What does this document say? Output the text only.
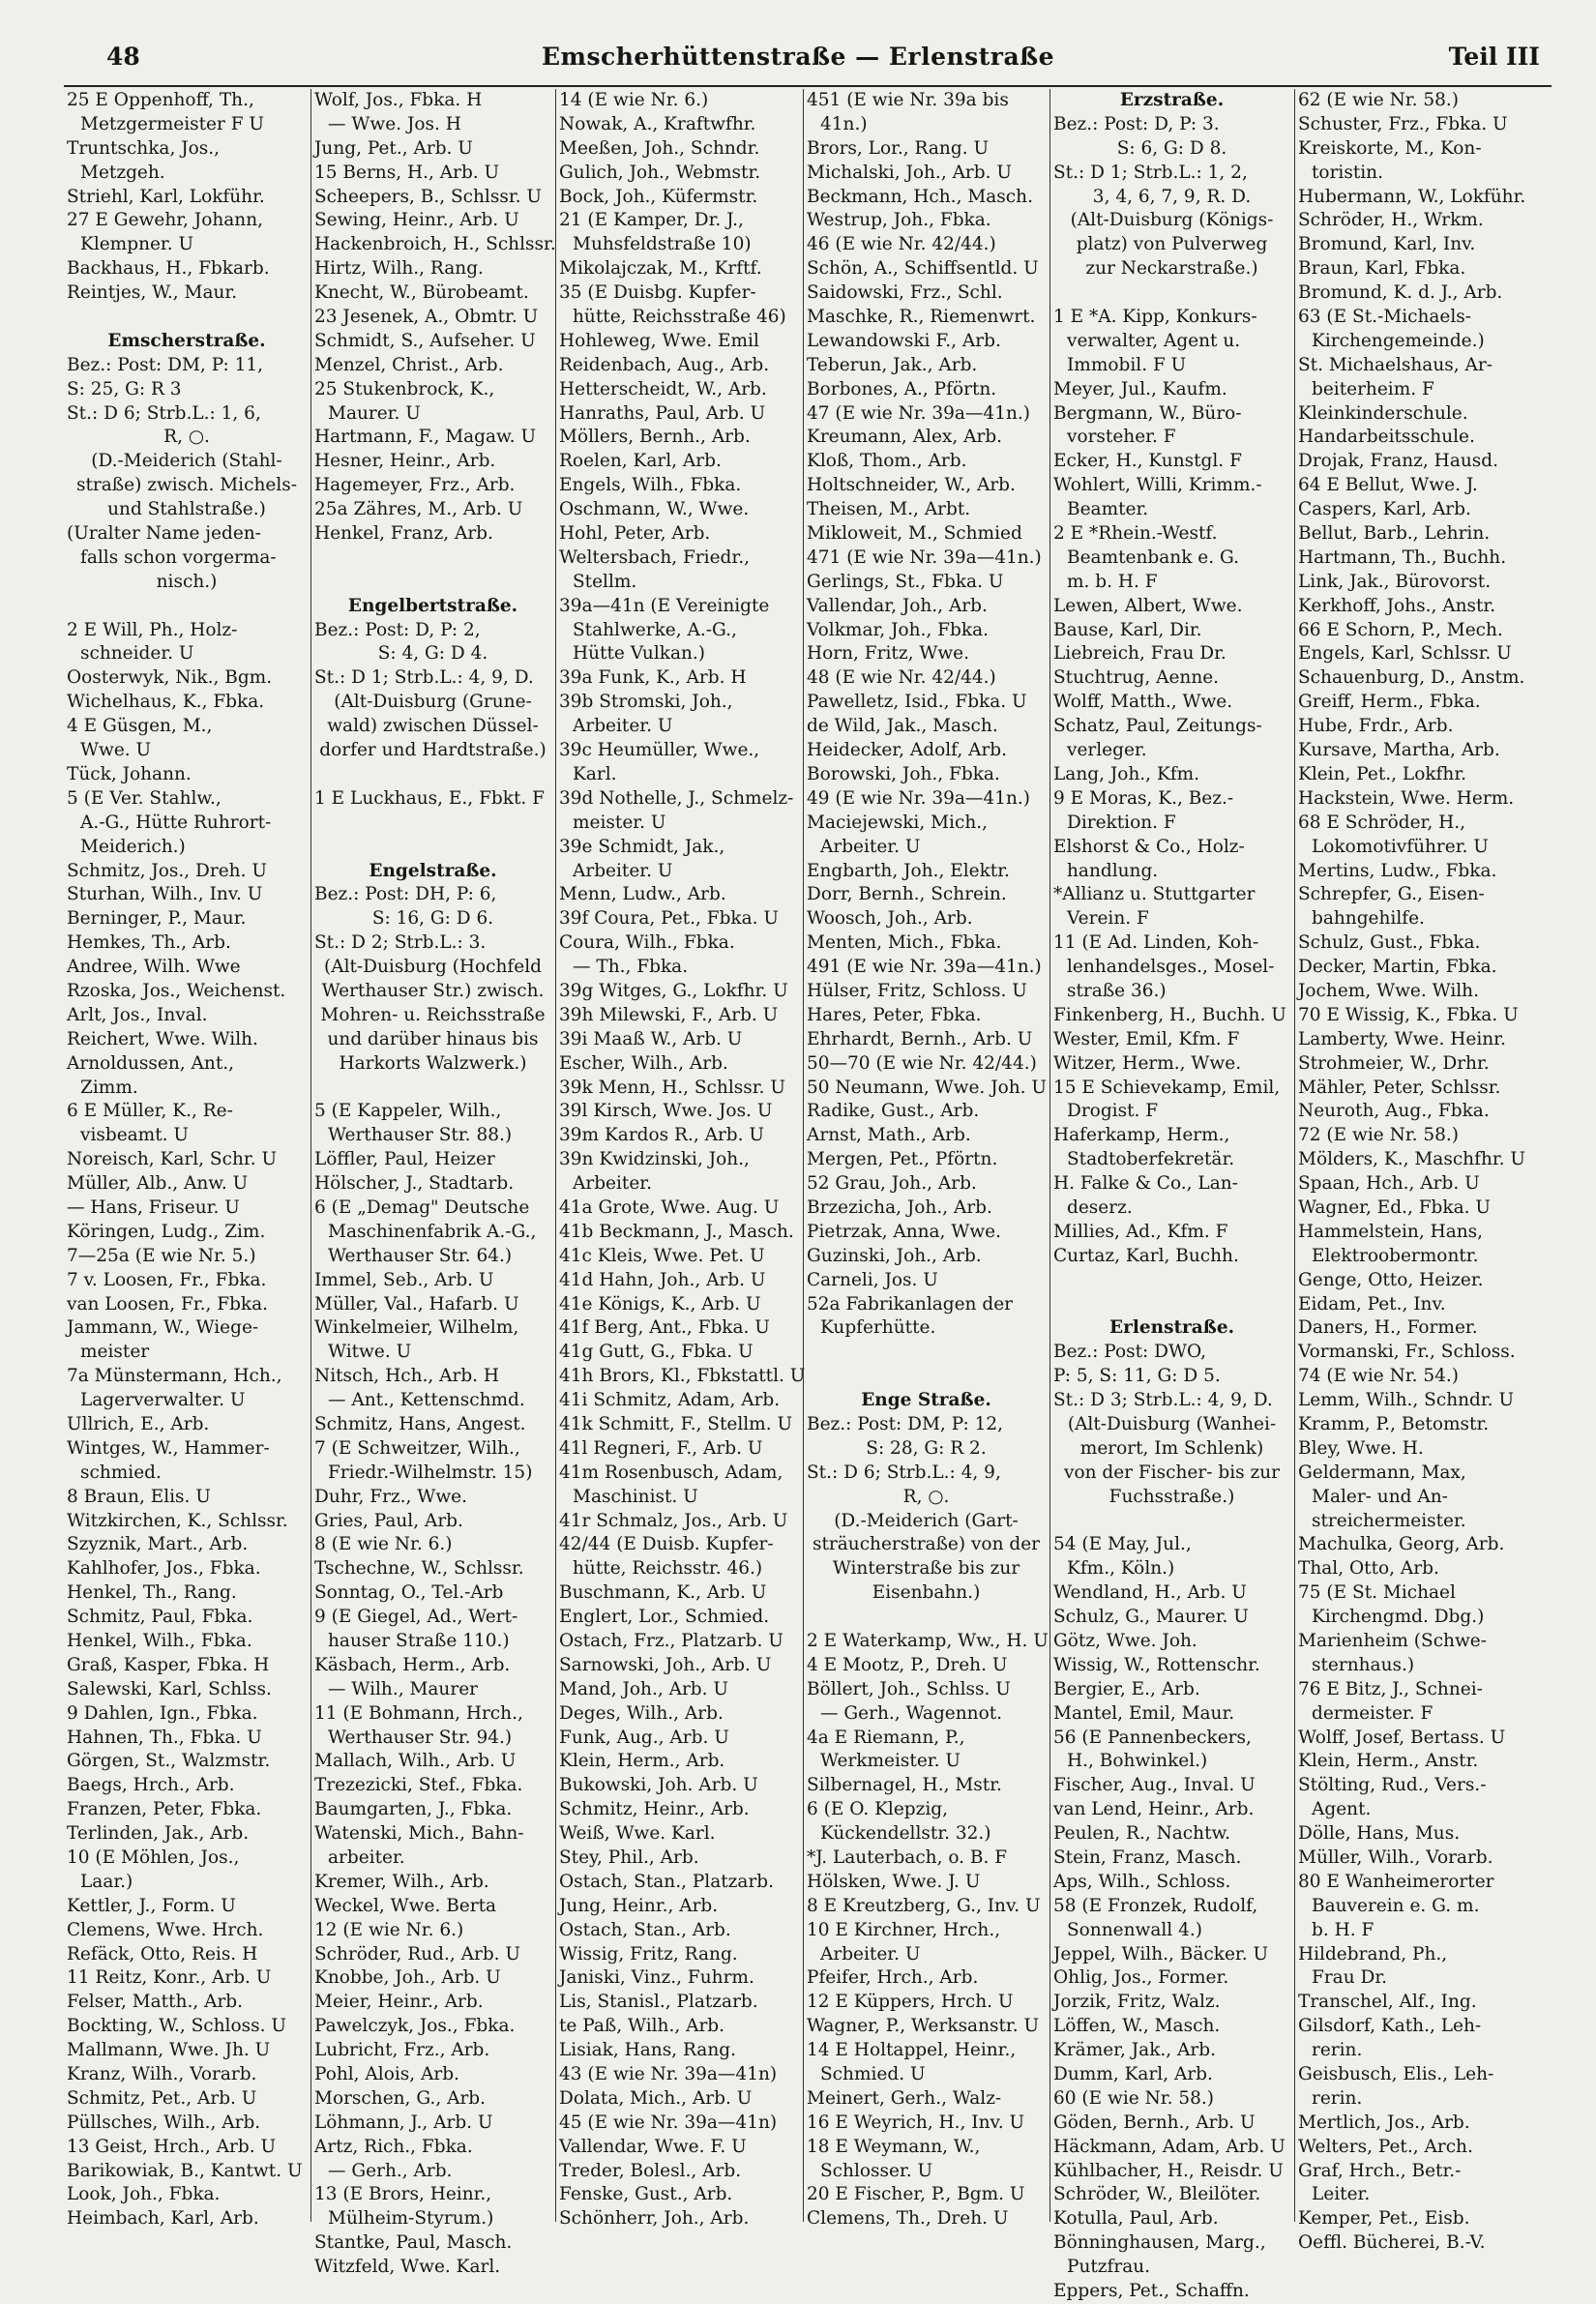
48	Emscherhüttenstraße — Erlenstraße	Teil III
25 E Oppenhoff, Th.,
Metzgermeister F U
Truntschka, Jos.,
Metzgeh.
Striehl, Karl, Lokführ.
27 E Gewehr, Johann,
Klempner. U
Backhaus, H., Fbkarb.
Reintjes, W., Maur.
Emscherstraße.
Bez.: Post: DM, P: 11,
S: 25, G: R 3
St.: D 6; Strb.L.: 1, 6,
R, ○.
(D.-Meiderich (Stahl-
straße) zwisch. Michels-
und Stahlstraße.)
(Uralter Name jeden-
falls schon vorgerma-
nisch.)
2 E Will, Ph., Holz-
schneider. U
Oosterwyk, Nik., Bgm.
Wichelhaus, K., Fbka.
4 E Güsgen, M.,
Wwe. U
Tück, Johann.
5 (E Ver. Stahlw.,
A.-G., Hütte Ruhrort-
Meiderich.)
Schmitz, Jos., Dreh. U
Sturhan, Wilh., Inv. U
Berninger, P., Maur.
Hemkes, Th., Arb.
Andree, Wilh. Wwe
Rzoska, Jos., Weichenst.
Arlt, Jos., Inval.
Reichert, Wwe. Wilh.
Arnoldussen, Ant.,
Zimm.
6 E Müller, K., Re-
visbeamt. U
Noreisch, Karl, Schr. U
Müller, Alb., Anw. U
— Hans, Friseur. U
Köringen, Ludg., Zim.
7—25a (E wie Nr. 5.)
7 v. Loosen, Fr., Fbka.
van Loosen, Fr., Fbka.
Jammann, W., Wiege-
meister
7a Münstermann, Hch.,
Lagerverwalter. U
Ullrich, E., Arb.
Wintges, W., Hammer-
schmied.
8 Braun, Elis. U
Witzkirchen, K., Schlssr.
Szyznik, Mart., Arb.
Kahlhofer, Jos., Fbka.
Henkel, Th., Rang.
Schmitz, Paul, Fbka.
Henkel, Wilh., Fbka.
Graß, Kasper, Fbka. H
Salewski, Karl, Schlss.
9 Dahlen, Ign., Fbka.
Hahnen, Th., Fbka. U
Görgen, St., Walzmstr.
Baegs, Hrch., Arb.
Franzen, Peter, Fbka.
Terlinden, Jak., Arb.
10 (E Möhlen, Jos.,
Laar.)
Kettler, J., Form. U
Clemens, Wwe. Hrch.
Refäck, Otto, Reis. H
11 Reitz, Konr., Arb. U
Felser, Matth., Arb.
Bockting, W., Schloss. U
Mallmann, Wwe. Jh. U
Kranz, Wilh., Vorarb.
Schmitz, Pet., Arb. U
Püllsches, Wilh., Arb.
13 Geist, Hrch., Arb. U
Barikowiak, B., Kantwt. U
Look, Joh., Fbka.
Heimbach, Karl, Arb.
Wolf, Jos., Fbka. H
— Wwe. Jos. H
Jung, Pet., Arb. U
15 Berns, H., Arb. U
Scheepers, B., Schlssr. U
Sewing, Heinr., Arb. U
Hackenbroich, H., Schlssr.
Hirtz, Wilh., Rang.
Knecht, W., Bürobeamt.
23 Jesenek, A., Obmtr. U
Schmidt, S., Aufseher. U
Menzel, Christ., Arb.
25 Stukenbrock, K.,
Maurer. U
Hartmann, F., Magaw. U
Hesner, Heinr., Arb.
Hagemeyer, Frz., Arb.
25a Zähres, M., Arb. U
Henkel, Franz, Arb.
Engelbertstraße.
Bez.: Post: D, P: 2,
S: 4, G: D 4.
St.: D 1; Strb.L.: 4, 9, D.
(Alt-Duisburg (Grune-
wald) zwischen Düssel-
dorfer und Hardtstraße.)
1 E Luckhaus, E., Fbkt. F
Engelstraße.
Bez.: Post: DH, P: 6,
S: 16, G: D 6.
St.: D 2; Strb.L.: 3.
(Alt-Duisburg (Hochfeld
Werthauser Str.) zwisch.
Mohren- u. Reichsstraße
und darüber hinaus bis
Harkorts Walzwerk.)
5 (E Kappeler, Wilh.,
Werthauser Str. 88.)
Löffler, Paul, Heizer
Hölscher, J., Stadtarb.
6 (E „Demag" Deutsche
Maschinenfabrik A.-G.,
Werthauser Str. 64.)
Immel, Seb., Arb. U
Müller, Val., Hafarb. U
Winkelmeier, Wilhelm,
Witwe. U
Nitsch, Hch., Arb. H
— Ant., Kettenschmd.
Schmitz, Hans, Angest.
7 (E Schweitzer, Wilh.,
Friedr.-Wilhelmstr. 15)
Duhr, Frz., Wwe.
Gries, Paul, Arb.
8 (E wie Nr. 6.)
Tschechne, W., Schlssr.
Sonntag, O., Tel.-Arb
9 (E Giegel, Ad., Wert-
hauser Straße 110.)
Käsbach, Herm., Arb.
— Wilh., Maurer
11 (E Bohmann, Hrch.,
Werthauser Str. 94.)
Mallach, Wilh., Arb. U
Trezezicki, Stef., Fbka.
Baumgarten, J., Fbka.
Watenski, Mich., Bahn-
arbeiter.
Kremer, Wilh., Arb.
Weckel, Wwe. Berta
12 (E wie Nr. 6.)
Schröder, Rud., Arb. U
Knobbe, Joh., Arb. U
Meier, Heinr., Arb.
Pawelczyk, Jos., Fbka.
Lubricht, Frz., Arb.
Pohl, Alois, Arb.
Morschen, G., Arb.
Löhmann, J., Arb. U
Artz, Rich., Fbka.
— Gerh., Arb.
13 (E Brors, Heinr.,
Mülheim-Styrum.)
Stantke, Paul, Masch.
Witzfeld, Wwe. Karl.
14 (E wie Nr. 6.)
Nowak, A., Kraftwfhr.
Meeßen, Joh., Schndr.
Gulich, Joh., Webmstr.
Bock, Joh., Küfermstr.
21 (E Kamper, Dr. J.,
Muhsfeldstraße 10)
Mikolajczak, M., Krftf.
35 (E Duisbg. Kupfer-
hütte, Reichsstraße 46)
Hohleweg, Wwe. Emil
Reidenbach, Aug., Arb.
Hetterscheidt, W., Arb.
Hanraths, Paul, Arb. U
Möllers, Bernh., Arb.
Roelen, Karl, Arb.
Engels, Wilh., Fbka.
Oschmann, W., Wwe.
Hohl, Peter, Arb.
Weltersbach, Friedr.,
Stellm.
39a—41n (E Vereinigte
Stahlwerke, A.-G.,
Hütte Vulkan.)
39a Funk, K., Arb. H
39b Stromski, Joh.,
Arbeiter. U
39c Heumüller, Wwe.,
Karl.
39d Nothelle, J., Schmelz-
meister. U
39e Schmidt, Jak.,
Arbeiter. U
Menn, Ludw., Arb.
39f Coura, Pet., Fbka. U
Coura, Wilh., Fbka.
— Th., Fbka.
39g Witges, G., Lokfhr. U
39h Milewski, F., Arb. U
39i Maaß W., Arb. U
Escher, Wilh., Arb.
39k Menn, H., Schlssr. U
39l Kirsch, Wwe. Jos. U
39m Kardos R., Arb. U
39n Kwidzinski, Joh.,
Arbeiter.
41a Grote, Wwe. Aug. U
41b Beckmann, J., Masch.
41c Kleis, Wwe. Pet. U
41d Hahn, Joh., Arb. U
41e Königs, K., Arb. U
41f Berg, Ant., Fbka. U
41g Gutt, G., Fbka. U
41h Brors, Kl., Fbkstattl. U
41i Schmitz, Adam, Arb.
41k Schmitt, F., Stellm. U
41l Regneri, F., Arb. U
41m Rosenbusch, Adam,
Maschinist. U
41r Schmalz, Jos., Arb. U
42/44 (E Duisb. Kupfer-
hütte, Reichsstr. 46.)
Buschmann, K., Arb. U
Englert, Lor., Schmied.
Ostach, Frz., Platzarb. U
Sarnowski, Joh., Arb. U
Mand, Joh., Arb. U
Deges, Wilh., Arb.
Funk, Aug., Arb. U
Klein, Herm., Arb.
Bukowski, Joh. Arb. U
Schmitz, Heinr., Arb.
Weiß, Wwe. Karl.
Stey, Phil., Arb.
Ostach, Stan., Platzarb.
Jung, Heinr., Arb.
Ostach, Stan., Arb.
Wissig, Fritz, Rang.
Janiski, Vinz., Fuhrm.
Lis, Stanisl., Platzarb.
te Paß, Wilh., Arb.
Lisiak, Hans, Rang.
43 (E wie Nr. 39a—41n)
Dolata, Mich., Arb. U
45 (E wie Nr. 39a—41n)
Vallendar, Wwe. F. U
Treder, Bolesl., Arb.
Fenske, Gust., Arb.
Schönherr, Joh., Arb.
451 (E wie Nr. 39a bis
41n.)
Brors, Lor., Rang. U
Michalski, Joh., Arb. U
Beckmann, Hch., Masch.
Westrup, Joh., Fbka.
46 (E wie Nr. 42/44.)
Schön, A., Schiffsentld. U
Saidowski, Frz., Schl.
Maschke, R., Riemenwrt.
Lewandowski F., Arb.
Teberun, Jak., Arb.
Borbones, A., Pförtn.
47 (E wie Nr. 39a—41n.)
Kreumann, Alex, Arb.
Kloß, Thom., Arb.
Holtschneider, W., Arb.
Theisen, M., Arbt.
Mikloweit, M., Schmied
471 (E wie Nr. 39a—41n.)
Gerlings, St., Fbka. U
Vallendar, Joh., Arb.
Volkmar, Joh., Fbka.
Horn, Fritz, Wwe.
48 (E wie Nr. 42/44.)
Pawelletz, Isid., Fbka. U
de Wild, Jak., Masch.
Heidecker, Adolf, Arb.
Borowski, Joh., Fbka.
49 (E wie Nr. 39a—41n.)
Maciejewski, Mich.,
Arbeiter. U
Engbarth, Joh., Elektr.
Dorr, Bernh., Schrein.
Woosch, Joh., Arb.
Menten, Mich., Fbka.
491 (E wie Nr. 39a—41n.)
Hülser, Fritz, Schloss. U
Hares, Peter, Fbka.
Ehrhardt, Bernh., Arb. U
50—70 (E wie Nr. 42/44.)
50 Neumann, Wwe. Joh. U
Radike, Gust., Arb.
Arnst, Math., Arb.
Mergen, Pet., Pförtn.
52 Grau, Joh., Arb.
Brzezicha, Joh., Arb.
Pietrzak, Anna, Wwe.
Guzinski, Joh., Arb.
Carneli, Jos. U
52a Fabrikanlagen der
Kupferhütte.
Enge Straße.
Bez.: Post: DM, P: 12,
S: 28, G: R 2.
St.: D 6; Strb.L.: 4, 9,
R, ○.
(D.-Meiderich (Gart-
sträucherstraße) von der
Winterstraße bis zur
Eisenbahn.)
2 E Waterkamp, Ww., H. U
4 E Mootz, P., Dreh. U
Böllert, Joh., Schlss. U
— Gerh., Wagennot.
4a E Riemann, P.,
Werkmeister. U
Silbernagel, H., Mstr.
6 (E O. Klepzig,
Kückendellstr. 32.)
*J. Lauterbach, o. B. F
Hölsken, Wwe. J. U
8 E Kreutzberg, G., Inv. U
10 E Kirchner, Hrch.,
Arbeiter. U
Pfeifer, Hrch., Arb.
12 E Küppers, Hrch. U
Wagner, P., Werksanstr. U
14 E Holtappel, Heinr.,
Schmied. U
Meinert, Gerh., Walz-
16 E Weyrich, H., Inv. U
18 E Weymann, W.,
Schlosser. U
20 E Fischer, P., Bgm. U
Clemens, Th., Dreh. U
Erzstraße.
Bez.: Post: D, P: 3.
S: 6, G: D 8.
St.: D 1; Strb.L.: 1, 2,
3, 4, 6, 7, 9, R. D.
(Alt-Duisburg (Königs-
platz) von Pulverweg
zur Neckarstraße.)
1 E *A. Kipp, Konkurs-
verwalter, Agent u.
Immobil. F U
Meyer, Jul., Kaufm.
Bergmann, W., Büro-
vorsteher. F
Ecker, H., Kunstgl. F
Wohlert, Willi, Krimm.-
Beamter.
2 E *Rhein.-Westf.
Beamtenbank e. G.
m. b. H. F
Lewen, Albert, Wwe.
Bause, Karl, Dir.
Liebreich, Frau Dr.
Stuchtrug, Aenne.
Wolff, Matth., Wwe.
Schatz, Paul, Zeitungs-
verleger.
Lang, Joh., Kfm.
9 E Moras, K., Bez.-
Direktion. F
Elshorst & Co., Holz-
handlung.
*Allianz u. Stuttgarter
Verein. F
11 (E Ad. Linden, Koh-
lenhandelsges., Mosel-
straße 36.)
Finkenberg, H., Buchh. U
Wester, Emil, Kfm. F
Witzer, Herm., Wwe.
15 E Schievekamp, Emil,
Drogist. F
Haferkamp, Herm.,
Stadtoberfekretär.
H. Falke & Co., Lan-
deserz.
Millies, Ad., Kfm. F
Curtaz, Karl, Buchh.
Erlenstraße.
Bez.: Post: DWO,
P: 5, S: 11, G: D 5.
St.: D 3; Strb.L.: 4, 9, D.
(Alt-Duisburg (Wanhei-
merort, Im Schlenk)
von der Fischer- bis zur
Fuchsstraße.)
54 (E May, Jul.,
Kfm., Köln.)
Wendland, H., Arb. U
Schulz, G., Maurer. U
Götz, Wwe. Joh.
Wissig, W., Rottenschr.
Bergier, E., Arb.
Mantel, Emil, Maur.
56 (E Pannenbeckers,
H., Bohwinkel.)
Fischer, Aug., Inval. U
van Lend, Heinr., Arb.
Peulen, R., Nachtw.
Stein, Franz, Masch.
Aps, Wilh., Schloss.
58 (E Fronzek, Rudolf,
Sonnenwall 4.)
Jeppel, Wilh., Bäcker. U
Ohlig, Jos., Former.
Jorzik, Fritz, Walz.
Löffen, W., Masch.
Krämer, Jak., Arb.
Dumm, Karl, Arb.
60 (E wie Nr. 58.)
Göden, Bernh., Arb. U
Häckmann, Adam, Arb. U
Kühlbacher, H., Reisdr. U
Schröder, W., Bleilöter.
Kotulla, Paul, Arb.
Bönninghausen, Marg.,
Putzfrau.
Eppers, Pet., Schaffn.
62 (E wie Nr. 58.)
Schuster, Frz., Fbka. U
Kreiskorte, M., Kon-
toristin.
Hubermann, W., Lokführ.
Schröder, H., Wrkm.
Bromund, Karl, Inv.
Braun, Karl, Fbka.
Bromund, K. d. J., Arb.
63 (E St.-Michaels-
Kirchengemeinde.)
St. Michaelshaus, Ar-
beiterheim. F
Kleinkinderschule.
Handarbeitsschule.
Drojak, Franz, Hausd.
64 E Bellut, Wwe. J.
Caspers, Karl, Arb.
Bellut, Barb., Lehrin.
Hartmann, Th., Buchh.
Link, Jak., Bürovorst.
Kerkhoff, Johs., Anstr.
66 E Schorn, P., Mech.
Engels, Karl, Schlssr. U
Schauenburg, D., Anstm.
Greiff, Herm., Fbka.
Hube, Frdr., Arb.
Kursave, Martha, Arb.
Klein, Pet., Lokfhr.
Hackstein, Wwe. Herm.
68 E Schröder, H.,
Lokomotivführer. U
Mertins, Ludw., Fbka.
Schrepfer, G., Eisen-
bahngehilfe.
Schulz, Gust., Fbka.
Decker, Martin, Fbka.
Jochem, Wwe. Wilh.
70 E Wissig, K., Fbka. U
Lamberty, Wwe. Heinr.
Strohmeier, W., Drhr.
Mähler, Peter, Schlssr.
Neuroth, Aug., Fbka.
72 (E wie Nr. 58.)
Mölders, K., Maschfhr. U
Spaan, Hch., Arb. U
Wagner, Ed., Fbka. U
Hammelstein, Hans,
Elektroobermontr.
Genge, Otto, Heizer.
Eidam, Pet., Inv.
Daners, H., Former.
Vormanski, Fr., Schloss.
74 (E wie Nr. 54.)
Lemm, Wilh., Schndr. U
Kramm, P., Betomstr.
Bley, Wwe. H.
Geldermann, Max,
Maler- und An-
streichermeister.
Machulka, Georg, Arb.
Thal, Otto, Arb.
75 (E St. Michael
Kirchengmd. Dbg.)
Marienheim (Schwe-
sternhaus.)
76 E Bitz, J., Schnei-
dermeister. F
Wolff, Josef, Bertass. U
Klein, Herm., Anstr.
Stölting, Rud., Vers.-
Agent.
Dölle, Hans, Mus.
Müller, Wilh., Vorarb.
80 E Wanheimerorter
Bauverein e. G. m.
b. H. F
Hildebrand, Ph.,
Frau Dr.
Transchel, Alf., Ing.
Gilsdorf, Kath., Leh-
rerin.
Geisbusch, Elis., Leh-
rerin.
Mertlich, Jos., Arb.
Welters, Pet., Arch.
Graf, Hrch., Betr.-
Leiter.
Kemper, Pet., Eisb.
Oeffl. Bücherei, B.-V.
